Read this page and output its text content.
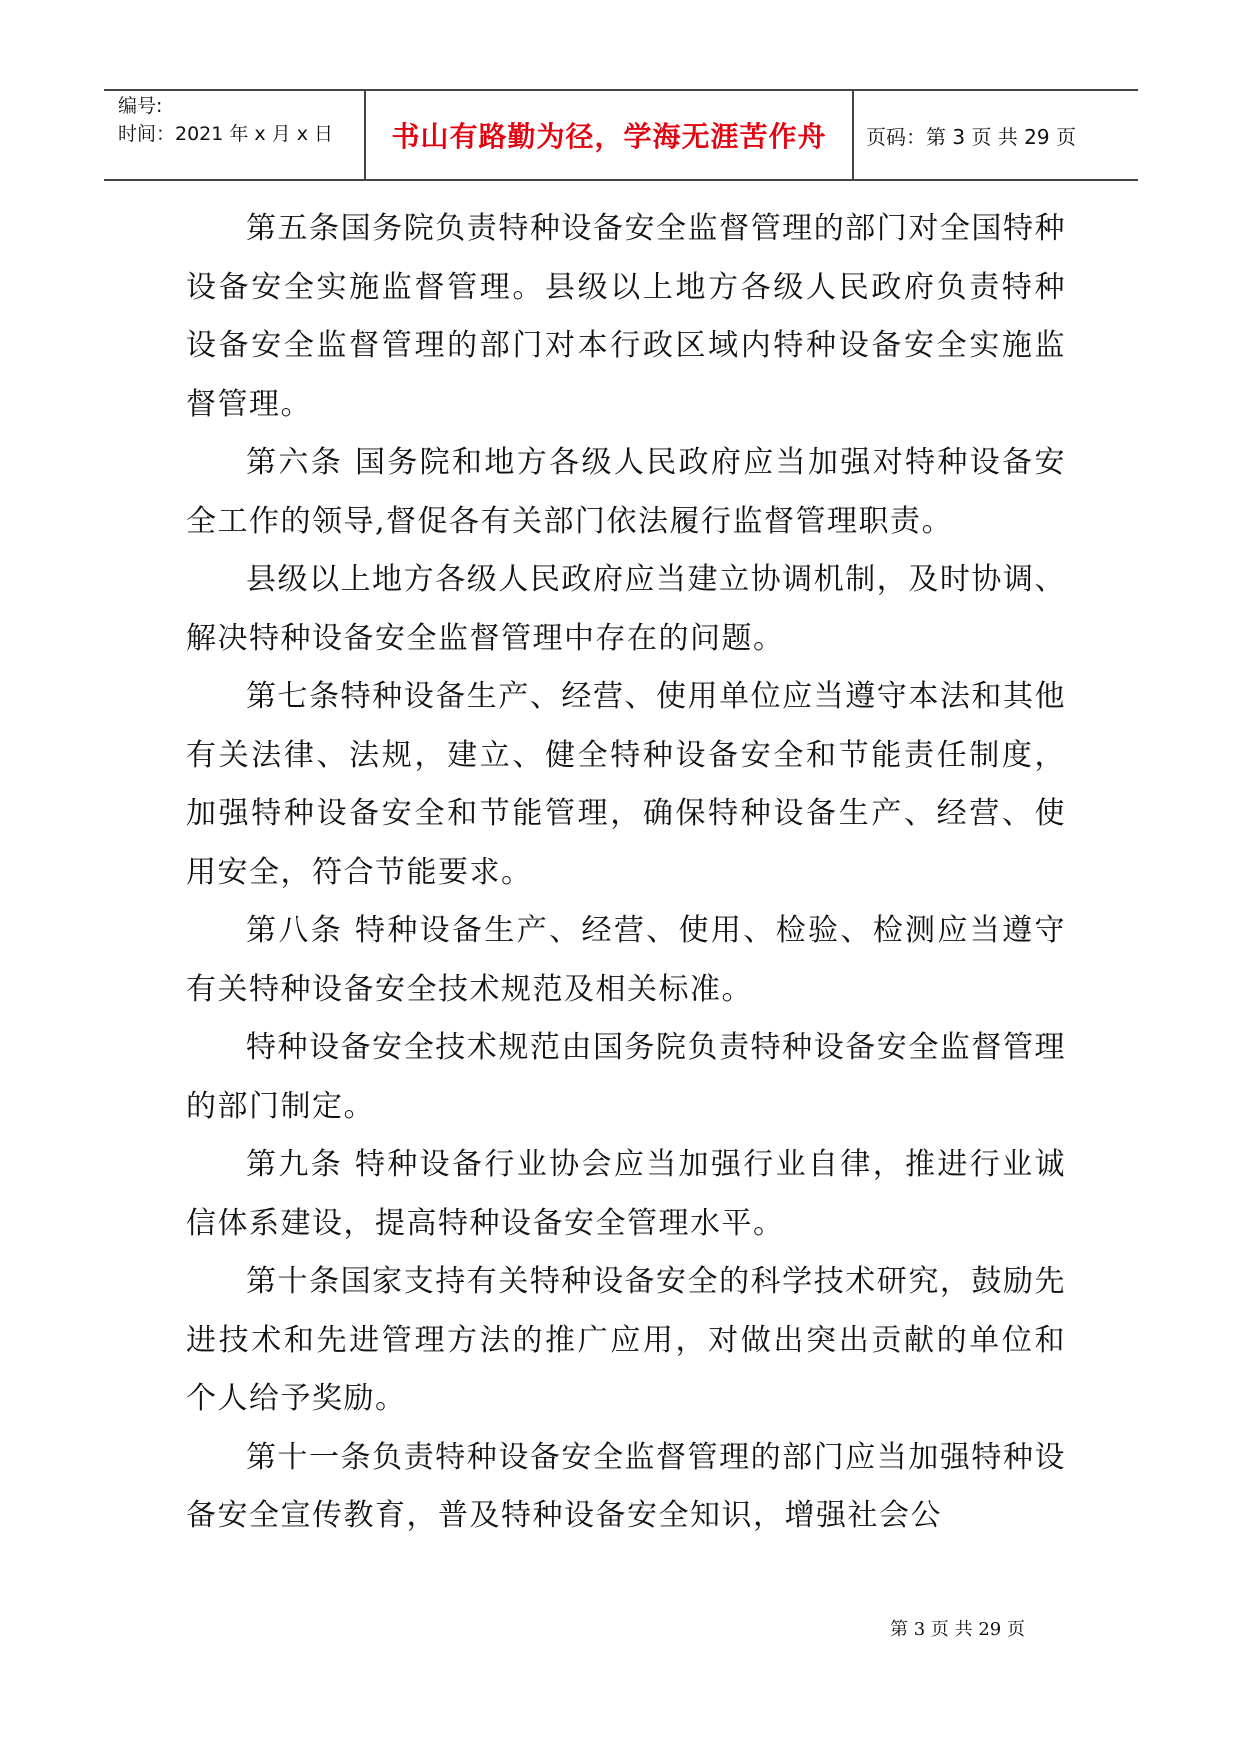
编号:
时间：2021 年 x 月 x 日 书山有路勤为径，学海无涯苦作舟 页码：第 3 页 共 29 页

第五条国务院负责特种设备安全监督管理的部门对全国特种设备安全实施监督管理。县级以上地方各级人民政府负责特种设备安全监督管理的部门对本行政区域内特种设备安全实施监督管理。

第六条 国务院和地方各级人民政府应当加强对特种设备安全工作的领导,督促各有关部门依法履行监督管理职责。

县级以上地方各级人民政府应当建立协调机制，及时协调、解决特种设备安全监督管理中存在的问题。

第七条特种设备生产、经营、使用单位应当遵守本法和其他有关法律、法规，建立、健全特种设备安全和节能责任制度，加强特种设备安全和节能管理，确保特种设备生产、经营、使用安全，符合节能要求。

第八条 特种设备生产、经营、使用、检验、检测应当遵守有关特种设备安全技术规范及相关标准。

特种设备安全技术规范由国务院负责特种设备安全监督管理的部门制定。

第九条 特种设备行业协会应当加强行业自律，推进行业诚信体系建设，提高特种设备安全管理水平。

第十条国家支持有关特种设备安全的科学技术研究，鼓励先进技术和先进管理方法的推广应用，对做出突出贡献的单位和个人给予奖励。

第十一条负责特种设备安全监督管理的部门应当加强特种设备安全宣传教育，普及特种设备安全知识，增强社会公

第 3 页 共 29 页
